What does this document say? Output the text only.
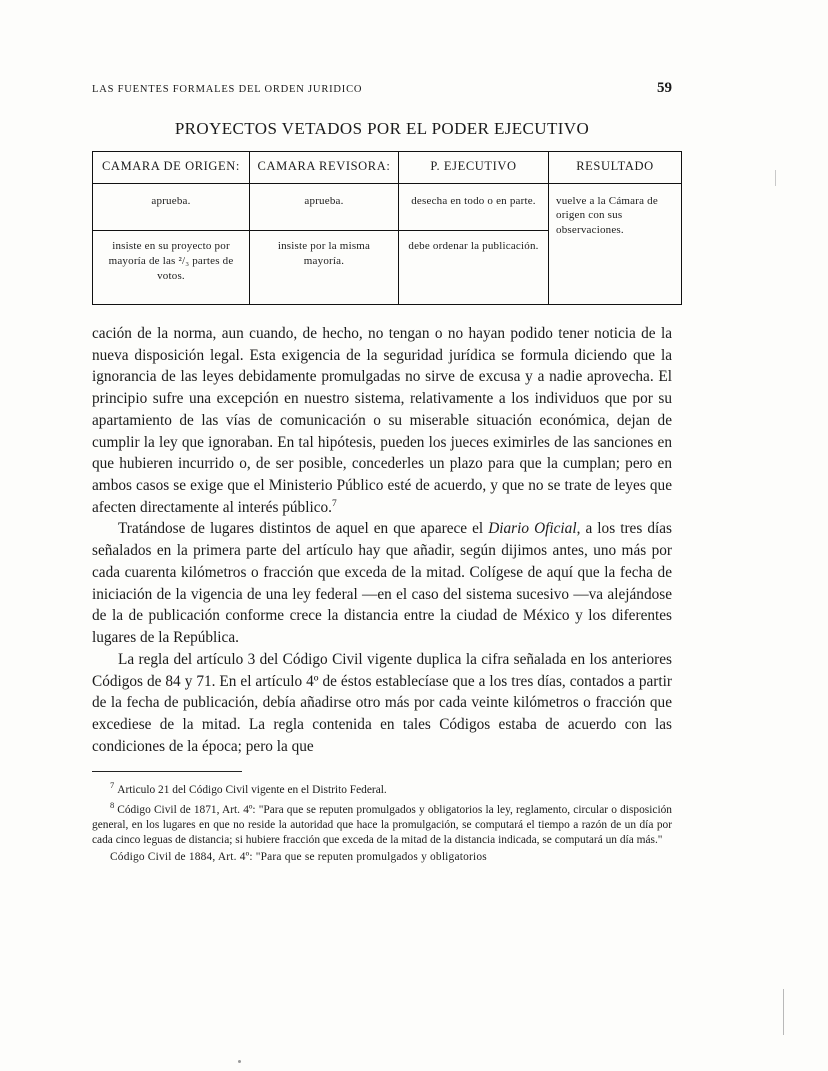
LAS FUENTES FORMALES DEL ORDEN JURIDICO	59
PROYECTOS VETADOS POR EL PODER EJECUTIVO
CAMARA DE ORIGEN:	CAMARA REVISORA:	P. EJECUTIVO	RESULTADO
aprueba.	aprueba.	desecha en todo o en parte.	vuelve a la Cámara de origen con sus observaciones.
insiste en su proyecto por mayoría de las ²/₃ partes de votos.	insiste por la misma mayoría.	debe ordenar la publicación.	

cación de la norma, aun cuando, de hecho, no tengan o no hayan podido tener noticia de la nueva disposición legal. Esta exigencia de la seguridad jurídica se formula diciendo que la ignorancia de las leyes debidamente promulgadas no sirve de excusa y a nadie aprovecha. El principio sufre una excepción en nuestro sistema, relativamente a los individuos que por su apartamiento de las vías de comunicación o su miserable situación económica, dejan de cumplir la ley que ignoraban. En tal hipótesis, pueden los jueces eximirles de las sanciones en que hubieren incurrido o, de ser posible, concederles un plazo para que la cumplan; pero en ambos casos se exige que el Ministerio Público esté de acuerdo, y que no se trate de leyes que afecten directamente al interés público.$^7$

Tratándose de lugares distintos de aquel en que aparece el Diario Oficial, a los tres días señalados en la primera parte del artículo hay que añadir, según dijimos antes, uno más por cada cuarenta kilómetros o fracción que exceda de la mitad. Colígese de aquí que la fecha de iniciación de la vigencia de una ley federal —en el caso del sistema sucesivo —va alejándose de la de publicación conforme crece la distancia entre la ciudad de México y los diferentes lugares de la República.

La regla del artículo 3 del Código Civil vigente duplica la cifra señalada en los anteriores Códigos de 84 y 71. En el artículo 4º de éstos establecíase que a los tres días, contados a partir de la fecha de publicación, debía añadirse otro más por cada veinte kilómetros o fracción que excediese de la mitad. La regla contenida en tales Códigos estaba de acuerdo con las condiciones de la época; pero la que

$^7$ Articulo 21 del Código Civil vigente en el Distrito Federal.

$^8$ Código Civil de 1871, Art. 4º: "Para que se reputen promulgados y obligatorios la ley, reglamento, circular o disposición general, en los lugares en que no reside la autoridad que hace la promulgación, se computará el tiempo a razón de un día por cada cinco leguas de distancia; si hubiere fracción que exceda de la mitad de la distancia indicada, se computará un día más."

Código Civil de 1884, Art. 4º: "Para que se reputen promulgados y obligatorios
